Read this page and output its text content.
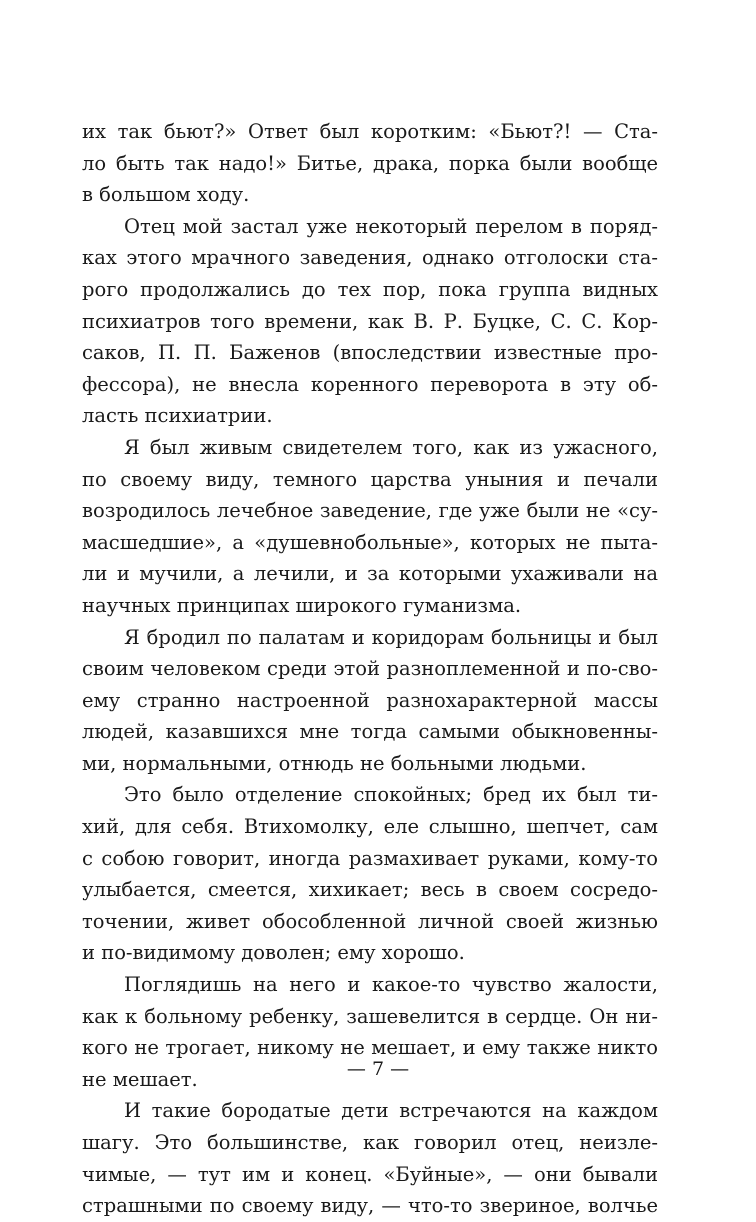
их так бьют?» Ответ был коротким: «Бьют?! — Ста-
ло быть так надо!» Битье, драка, порка были вообще
в большом ходу.
Отец мой застал уже некоторый перелом в поряд-
ках этого мрачного заведения, однако отголоски ста-
рого продолжались до тех пор, пока группа видных
психиатров того времени, как В. Р. Буцке, С. С. Кор-
саков, П. П. Баженов (впоследствии известные про-
фессора), не внесла коренного переворота в эту об-
ласть психиатрии.
Я был живым свидетелем того, как из ужасного,
по своему виду, темного царства уныния и печали
возродилось лечебное заведение, где уже были не «су-
масшедшие», а «душевнобольные», которых не пыта-
ли и мучили, а лечили, и за которыми ухаживали на
научных принципах широкого гуманизма.
Я бродил по палатам и коридорам больницы и был
своим человеком среди этой разноплеменной и по-сво-
ему странно настроенной разнохарактерной массы
людей, казавшихся мне тогда самыми обыкновенны-
ми, нормальными, отнюдь не больными людьми.
Это было отделение спокойных; бред их был ти-
хий, для себя. Втихомолку, еле слышно, шепчет, сам
с собою говорит, иногда размахивает руками, кому-то
улыбается, смеется, хихикает; весь в своем сосредо-
точении, живет обособленной личной своей жизнью
и по-видимому доволен; ему хорошо.
Поглядишь на него и какое-то чувство жалости,
как к больному ребенку, зашевелится в сердце. Он ни-
кого не трогает, никому не мешает, и ему также никто
не мешает.
И такие бородатые дети встречаются на каждом
шагу. Это большинстве, как говорил отец, неизле-
чимые, — тут им и конец. «Буйные», — они бывали
страшными по своему виду, — что-то звериное, волчье
— 7 —
